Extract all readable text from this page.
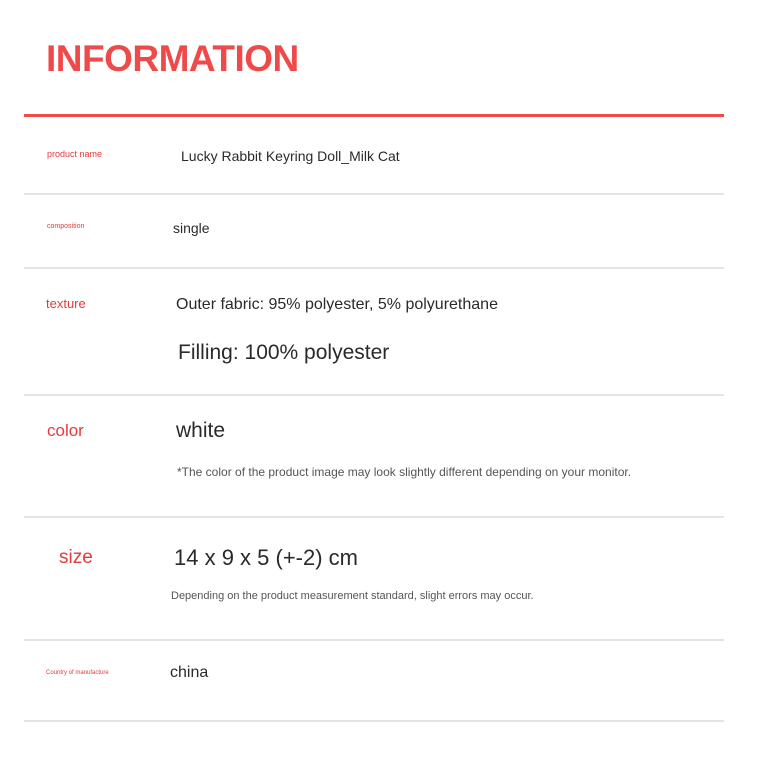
INFORMATION
product name	Lucky Rabbit Keyring Doll_Milk Cat
composition	single
texture	Outer fabric: 95% polyester, 5% polyurethane
Filling: 100% polyester
color	white
*The color of the product image may look slightly different depending on your monitor.
size	14 x 9 x 5 (+-2) cm
Depending on the product measurement standard, slight errors may occur.
Country of manufacture	china
